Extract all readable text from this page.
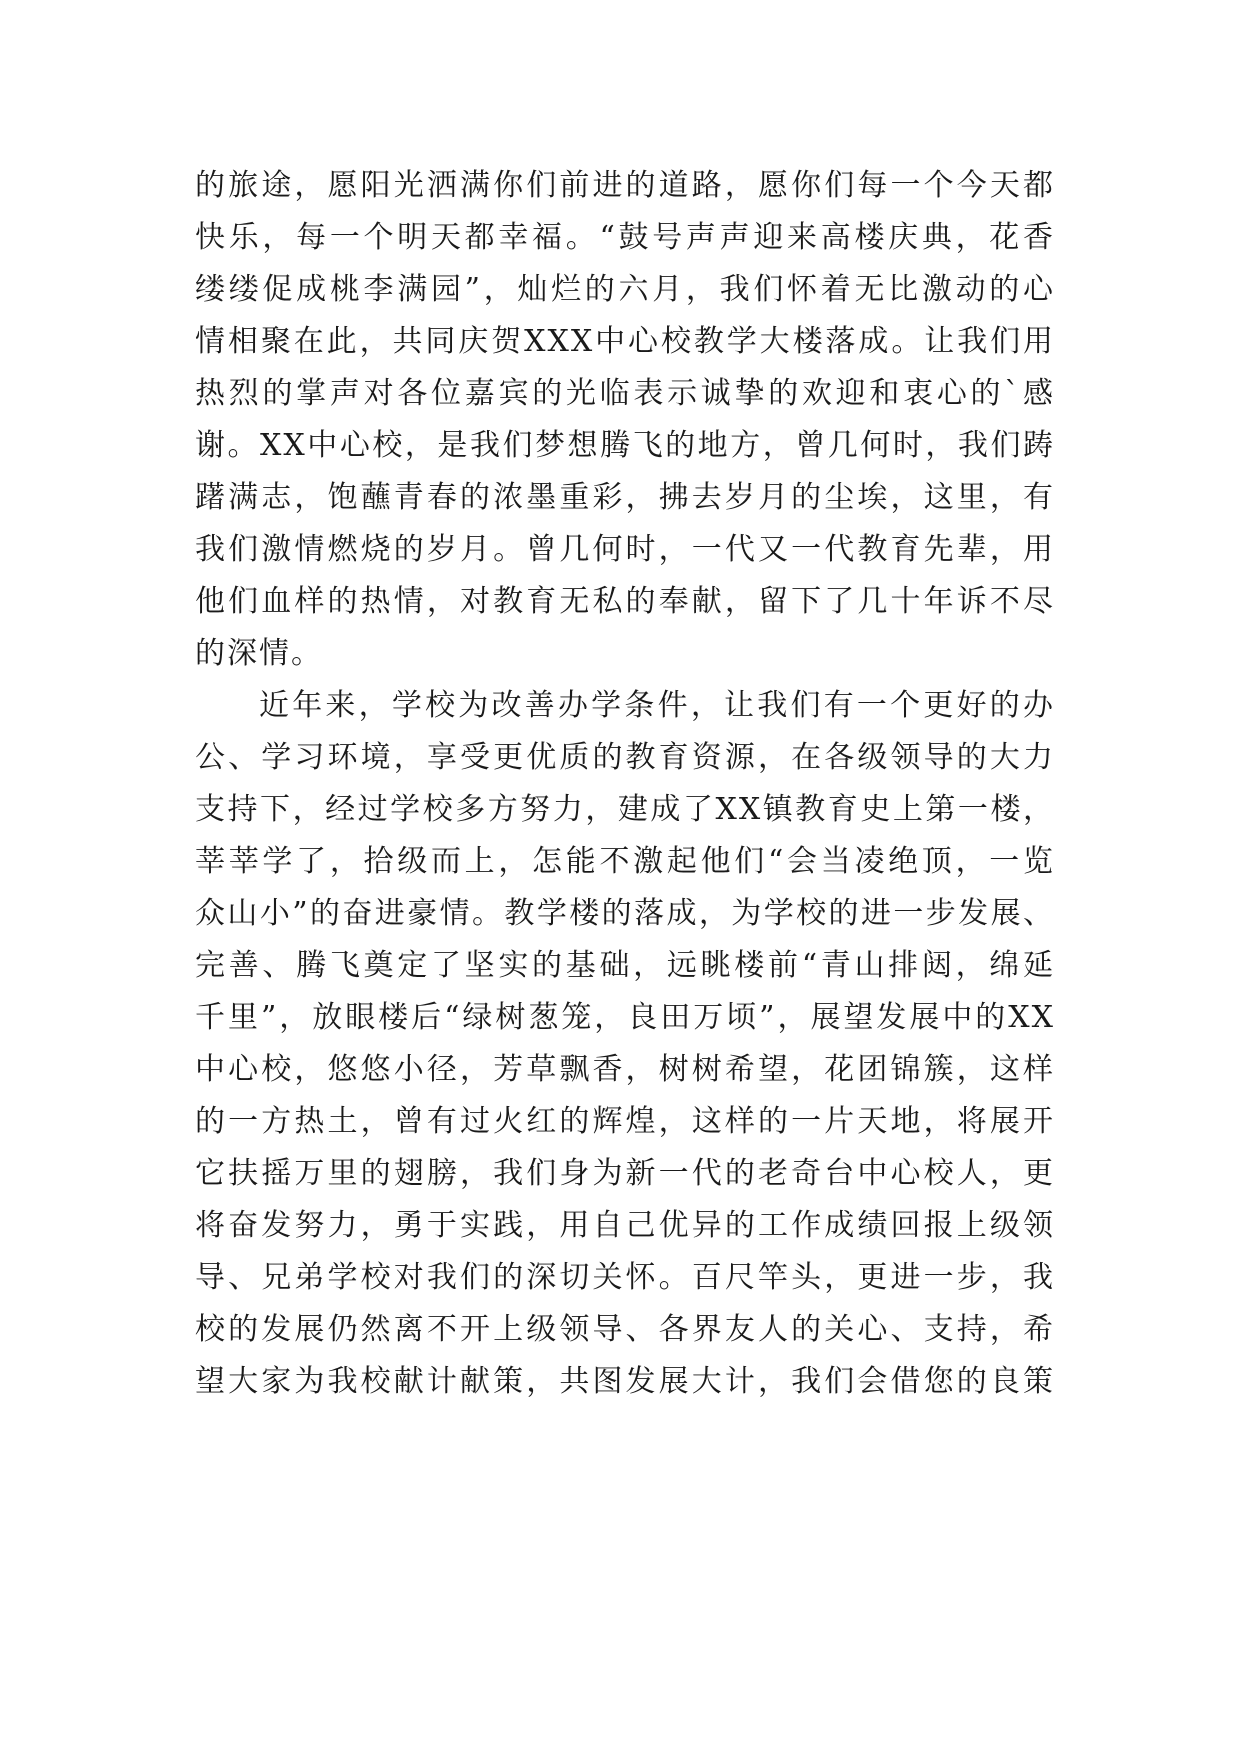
的旅途，愿阳光洒满你们前进的道路，愿你们每一个今天都
快乐，每一个明天都幸福。“鼓号声声迎来高楼庆典，花香
缕缕促成桃李满园”，灿烂的六月，我们怀着无比激动的心
情相聚在此，共同庆贺XXX中心校教学大楼落成。让我们用
热烈的掌声对各位嘉宾的光临表示诚挚的欢迎和衷心的`感
谢。XX中心校，是我们梦想腾飞的地方，曾几何时，我们踌
躇满志，饱蘸青春的浓墨重彩，拂去岁月的尘埃，这里，有
我们激情燃烧的岁月。曾几何时，一代又一代教育先辈，用
他们血样的热情，对教育无私的奉献，留下了几十年诉不尽
的深情。
近年来，学校为改善办学条件，让我们有一个更好的办
公、学习环境，享受更优质的教育资源，在各级领导的大力
支持下，经过学校多方努力，建成了XX镇教育史上第一楼，
莘莘学了，拾级而上，怎能不激起他们“会当凌绝顶，一览
众山小”的奋进豪情。教学楼的落成，为学校的进一步发展、
完善、腾飞奠定了坚实的基础，远眺楼前“青山排闼，绵延
千里”，放眼楼后“绿树葱笼，良田万顷”，展望发展中的XX
中心校，悠悠小径，芳草飘香，树树希望，花团锦簇，这样
的一方热土，曾有过火红的辉煌，这样的一片天地，将展开
它扶摇万里的翅膀，我们身为新一代的老奇台中心校人，更
将奋发努力，勇于实践，用自己优异的工作成绩回报上级领
导、兄弟学校对我们的深切关怀。百尺竿头，更进一步，我
校的发展仍然离不开上级领导、各界友人的关心、支持，希
望大家为我校献计献策，共图发展大计，我们会借您的良策
